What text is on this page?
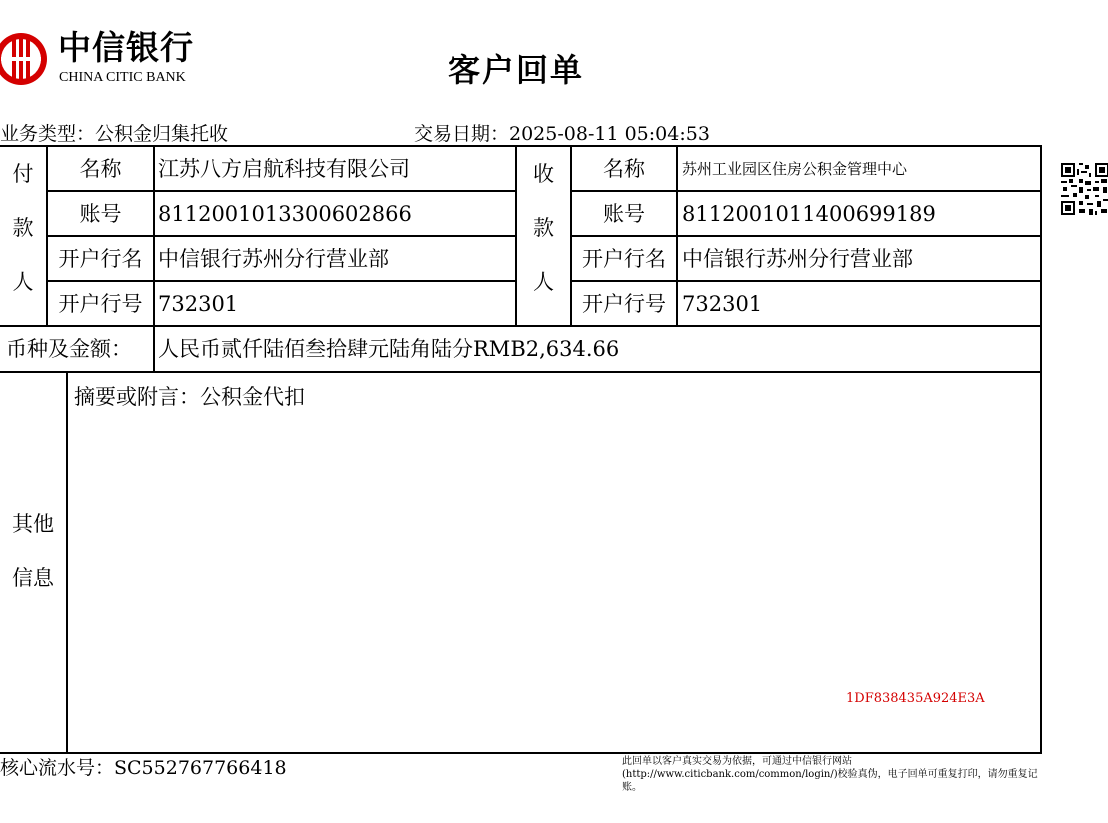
中信银行
CHINA CITIC BANK	客户回单
业务类型：公积金归集托收	交易日期：2025-08-11 05:04:53
付
款
人
名称	江苏八方启航科技有限公司
账号	8112001013300602866
开户行名 中信银行苏州分行营业部
开户行号 732301
收
款
人
名称	苏州工业园区住房公积金管理中心
账号	8112001011400699189
开户行名 中信银行苏州分行营业部
开户行号 732301
币种及金额：	人民币贰仟陆佰叁拾肆元陆角陆分RMB2,634.66
其他
信息
摘要或附言：公积金代扣
1DF838435A924E3A
核心流水号：SC552767766418	此回单以客户真实交易为依据，可通过中信银行网站(http://www.citicbank.com/common/login/)校验真伪，电子回单可重复打印，请勿重复记账。
